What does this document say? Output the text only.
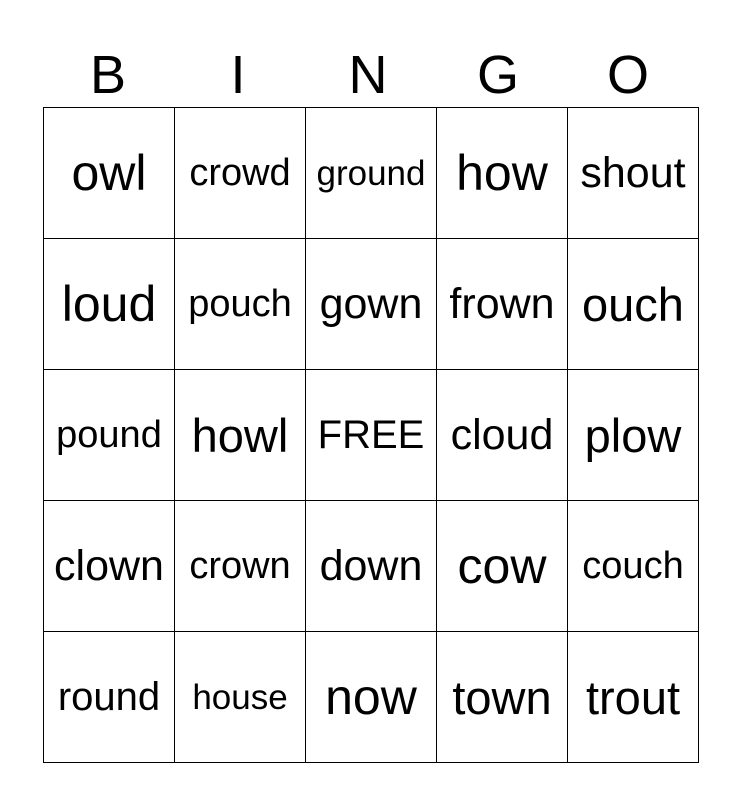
B	I	N	G	O
owl	crowd	ground	how	shout
loud	pouch	gown	frown	ouch
pound	howl	FREE	cloud	plow
clown	crown	down	cow	couch
round	house	now	town	trout
